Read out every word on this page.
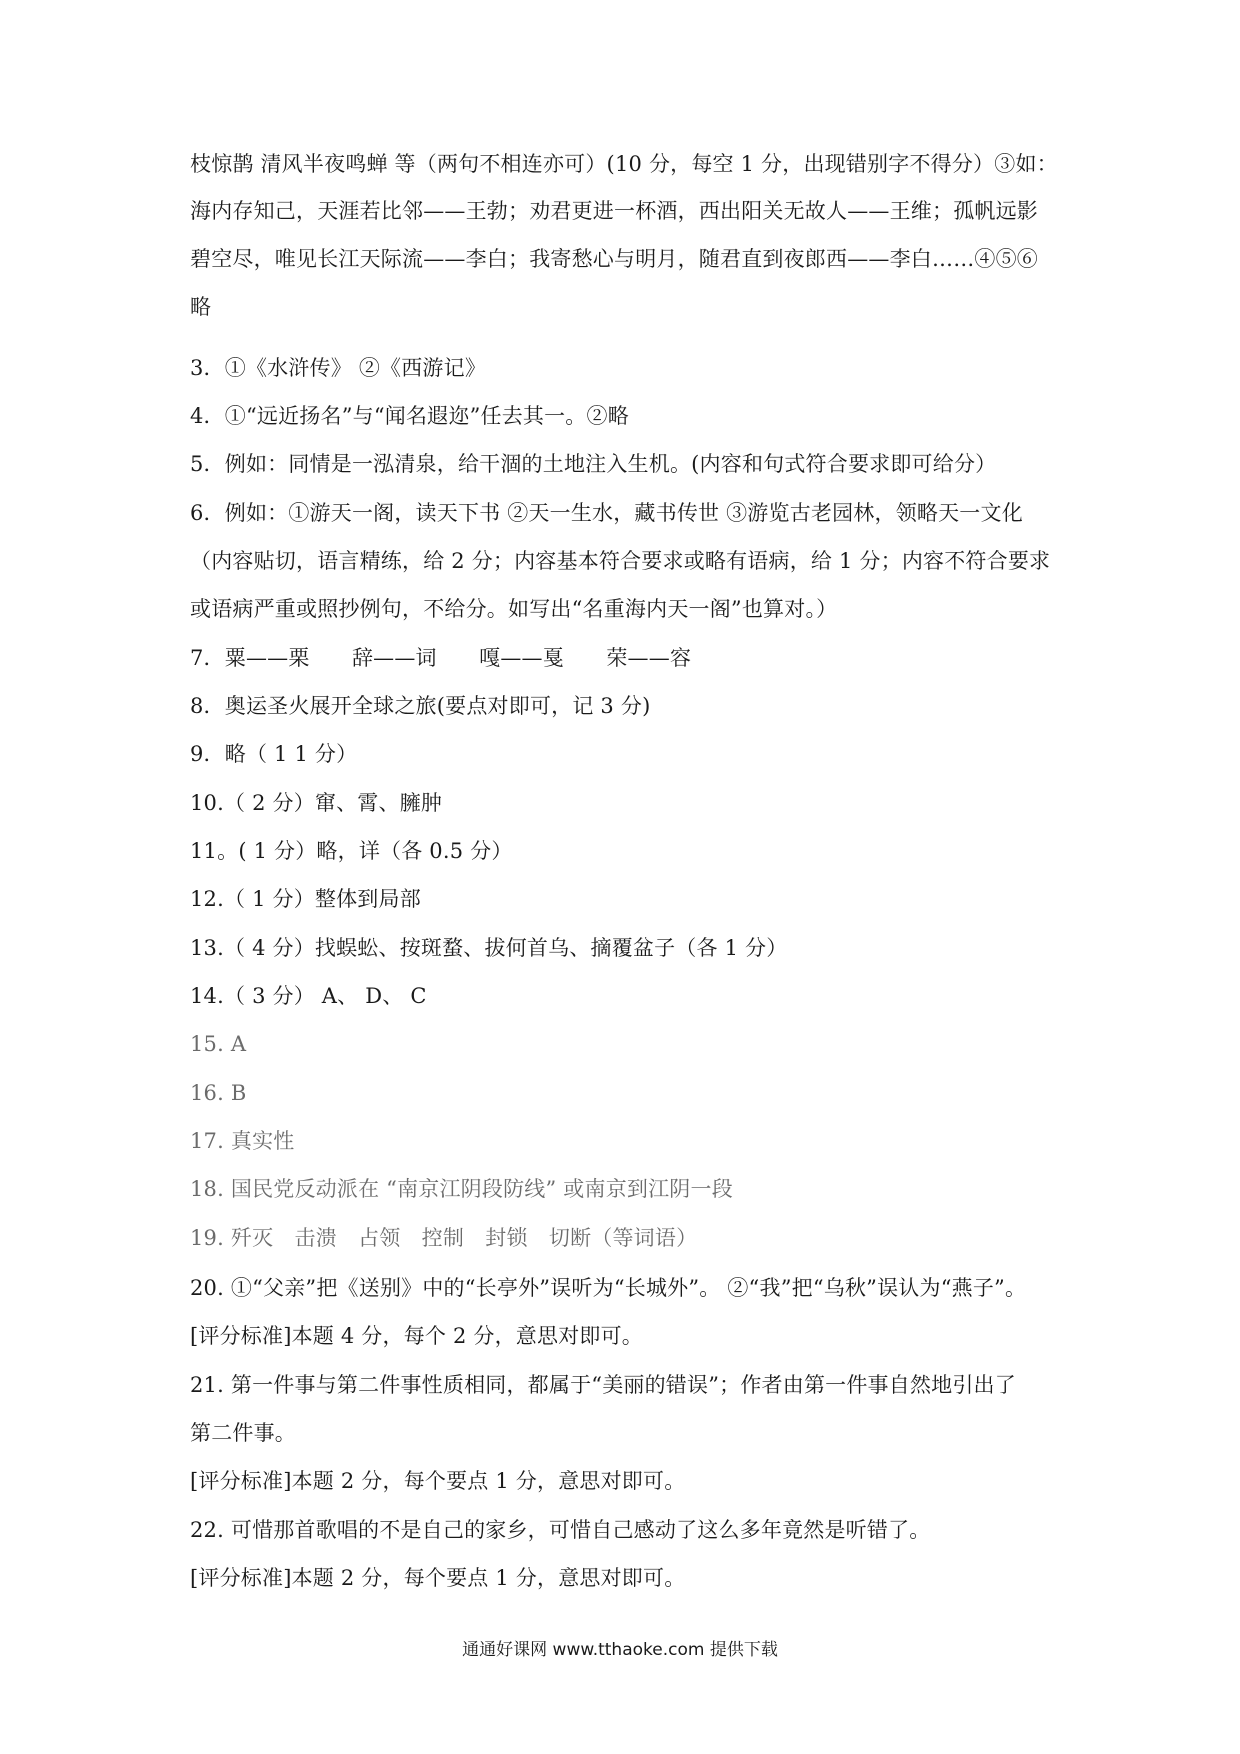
枝惊鹊 清风半夜鸣蝉 等（两句不相连亦可）(10 分，每空 1 分，出现错别字不得分）③如：
海内存知己，天涯若比邻——王勃；劝君更进一杯酒，西出阳关无故人——王维；孤帆远影
碧空尽，唯见长江天际流——李白；我寄愁心与明月，随君直到夜郎西——李白……④⑤⑥
略
3．①《水浒传》 ②《西游记》
4．①“远近扬名”与“闻名遐迩”任去其一。②略
5．例如：同情是一泓清泉，给干涸的土地注入生机。(内容和句式符合要求即可给分）
6．例如：①游天一阁，读天下书 ②天一生水，藏书传世 ③游览古老园林，领略天一文化
（内容贴切，语言精练，给 2 分；内容基本符合要求或略有语病，给 1 分；内容不符合要求
或语病严重或照抄例句，不给分。如写出“名重海内天一阁”也算对。）
7．粟——栗　　辞——词　　嘎——戛　　荣——容
8．奥运圣火展开全球之旅(要点对即可，记 3 分)
9．略（ 1 1 分）
10.（ 2 分）窜、霄、臃肿
11。( 1 分）略，详（各 0.5 分）
12.（ 1 分）整体到局部
13.（ 4 分）找蜈蚣、按斑蝥、拔何首乌、摘覆盆子（各 1 分）
14.（ 3 分） A、 D、 C
15. A
16. B
17. 真实性
18. 国民党反动派在 “南京江阴段防线” 或南京到江阴一段
19. 歼灭　击溃　占领　控制　封锁　切断（等词语）
20. ①“父亲”把《送别》中的“长亭外”误听为“长城外”。 ②“我”把“乌秋”误认为“燕子”。
[评分标准]本题 4 分，每个 2 分，意思对即可。
21. 第一件事与第二件事性质相同，都属于“美丽的错误”；作者由第一件事自然地引出了
第二件事。
[评分标准]本题 2 分，每个要点 1 分，意思对即可。
22. 可惜那首歌唱的不是自己的家乡，可惜自己感动了这么多年竟然是听错了。
[评分标准]本题 2 分，每个要点 1 分，意思对即可。
通通好课网 www.tthaoke.com 提供下载
